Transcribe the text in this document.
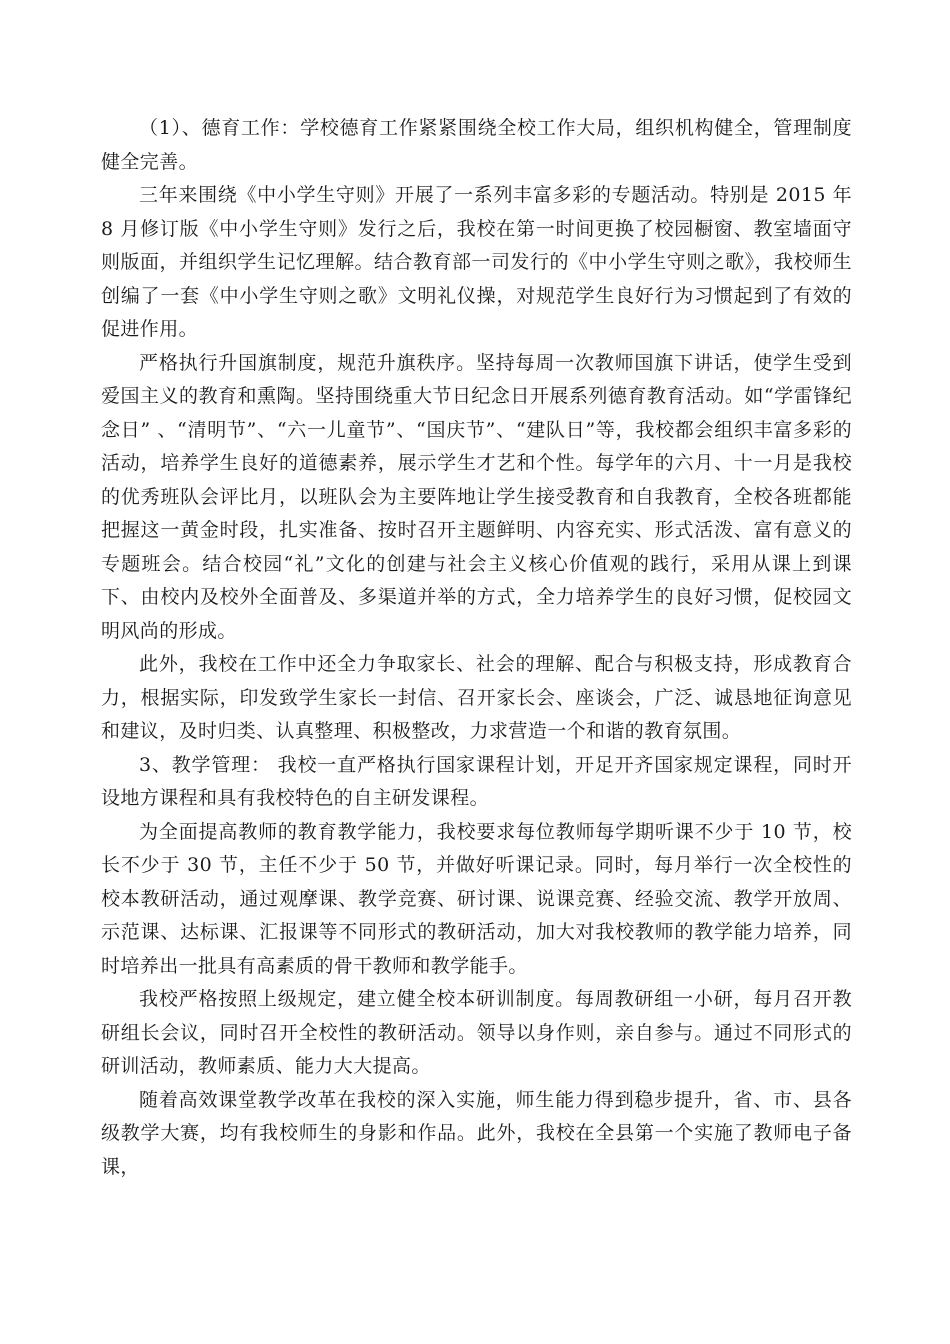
（1）、德育工作：学校德育工作紧紧围绕全校工作大局，组织机构健全，管理制度健全完善。

三年来围绕《中小学生守则》开展了一系列丰富多彩的专题活动。特别是 2015 年 8 月修订版《中小学生守则》发行之后，我校在第一时间更换了校园橱窗、教室墙面守则版面，并组织学生记忆理解。结合教育部一司发行的《中小学生守则之歌》，我校师生创编了一套《中小学生守则之歌》文明礼仪操，对规范学生良好行为习惯起到了有效的促进作用。

严格执行升国旗制度，规范升旗秩序。坚持每周一次教师国旗下讲话，使学生受到爱国主义的教育和熏陶。坚持围绕重大节日纪念日开展系列德育教育活动。如“学雷锋纪念日” 、“清明节”、“六一儿童节”、“国庆节”、“建队日”等，我校都会组织丰富多彩的活动，培养学生良好的道德素养，展示学生才艺和个性。每学年的六月、十一月是我校的优秀班队会评比月，以班队会为主要阵地让学生接受教育和自我教育，全校各班都能把握这一黄金时段，扎实准备、按时召开主题鲜明、内容充实、形式活泼、富有意义的专题班会。结合校园“礼”文化的创建与社会主义核心价值观的践行，采用从课上到课下、由校内及校外全面普及、多渠道并举的方式，全力培养学生的良好习惯，促校园文明风尚的形成。

此外，我校在工作中还全力争取家长、社会的理解、配合与积极支持，形成教育合力，根据实际，印发致学生家长一封信、召开家长会、座谈会，广泛、诚恳地征询意见和建议，及时归类、认真整理、积极整改，力求营造一个和谐的教育氛围。

3、教学管理： 我校一直严格执行国家课程计划，开足开齐国家规定课程，同时开设地方课程和具有我校特色的自主研发课程。

为全面提高教师的教育教学能力，我校要求每位教师每学期听课不少于 10 节，校长不少于 30 节，主任不少于 50 节，并做好听课记录。同时，每月举行一次全校性的校本教研活动，通过观摩课、教学竞赛、研讨课、说课竞赛、经验交流、教学开放周、示范课、达标课、汇报课等不同形式的教研活动，加大对我校教师的教学能力培养，同时培养出一批具有高素质的骨干教师和教学能手。

我校严格按照上级规定，建立健全校本研训制度。每周教研组一小研，每月召开教研组长会议，同时召开全校性的教研活动。领导以身作则，亲自参与。通过不同形式的研训活动，教师素质、能力大大提高。

随着高效课堂教学改革在我校的深入实施，师生能力得到稳步提升，省、市、县各级教学大赛，均有我校师生的身影和作品。此外，我校在全县第一个实施了教师电子备课，
